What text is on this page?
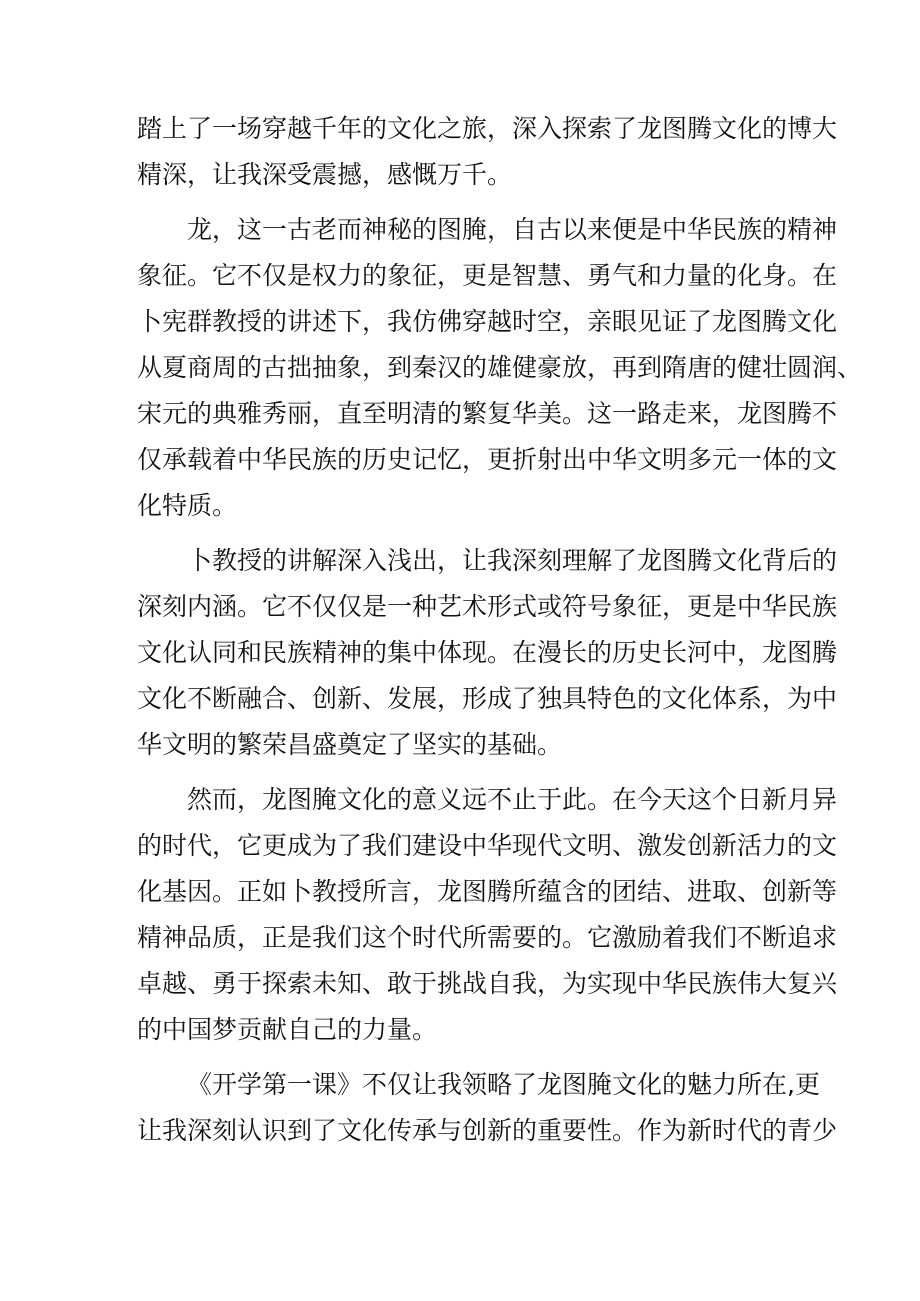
踏上了一场穿越千年的文化之旅，深入探索了龙图腾文化的博大
精深，让我深受震撼，感慨万千。
龙，这一古老而神秘的图腌，自古以来便是中华民族的精神
象征。它不仅是权力的象征，更是智慧、勇气和力量的化身。在
卜宪群教授的讲述下，我仿佛穿越时空，亲眼见证了龙图腾文化
从夏商周的古拙抽象，到秦汉的雄健豪放，再到隋唐的健壮圆润、
宋元的典雅秀丽，直至明清的繁复华美。这一路走来，龙图腾不
仅承载着中华民族的历史记忆，更折射出中华文明多元一体的文
化特质。
卜教授的讲解深入浅出，让我深刻理解了龙图腾文化背后的
深刻内涵。它不仅仅是一种艺术形式或符号象征，更是中华民族
文化认同和民族精神的集中体现。在漫长的历史长河中，龙图腾
文化不断融合、创新、发展，形成了独具特色的文化体系，为中
华文明的繁荣昌盛奠定了坚实的基础。
然而，龙图腌文化的意义远不止于此。在今天这个日新月异
的时代，它更成为了我们建设中华现代文明、激发创新活力的文
化基因。正如卜教授所言，龙图腾所蕴含的团结、进取、创新等
精神品质，正是我们这个时代所需要的。它激励着我们不断追求
卓越、勇于探索未知、敢于挑战自我，为实现中华民族伟大复兴
的中国梦贡献自己的力量。
《开学第一课》不仅让我领略了龙图腌文化的魅力所在,更
让我深刻认识到了文化传承与创新的重要性。作为新时代的青少
